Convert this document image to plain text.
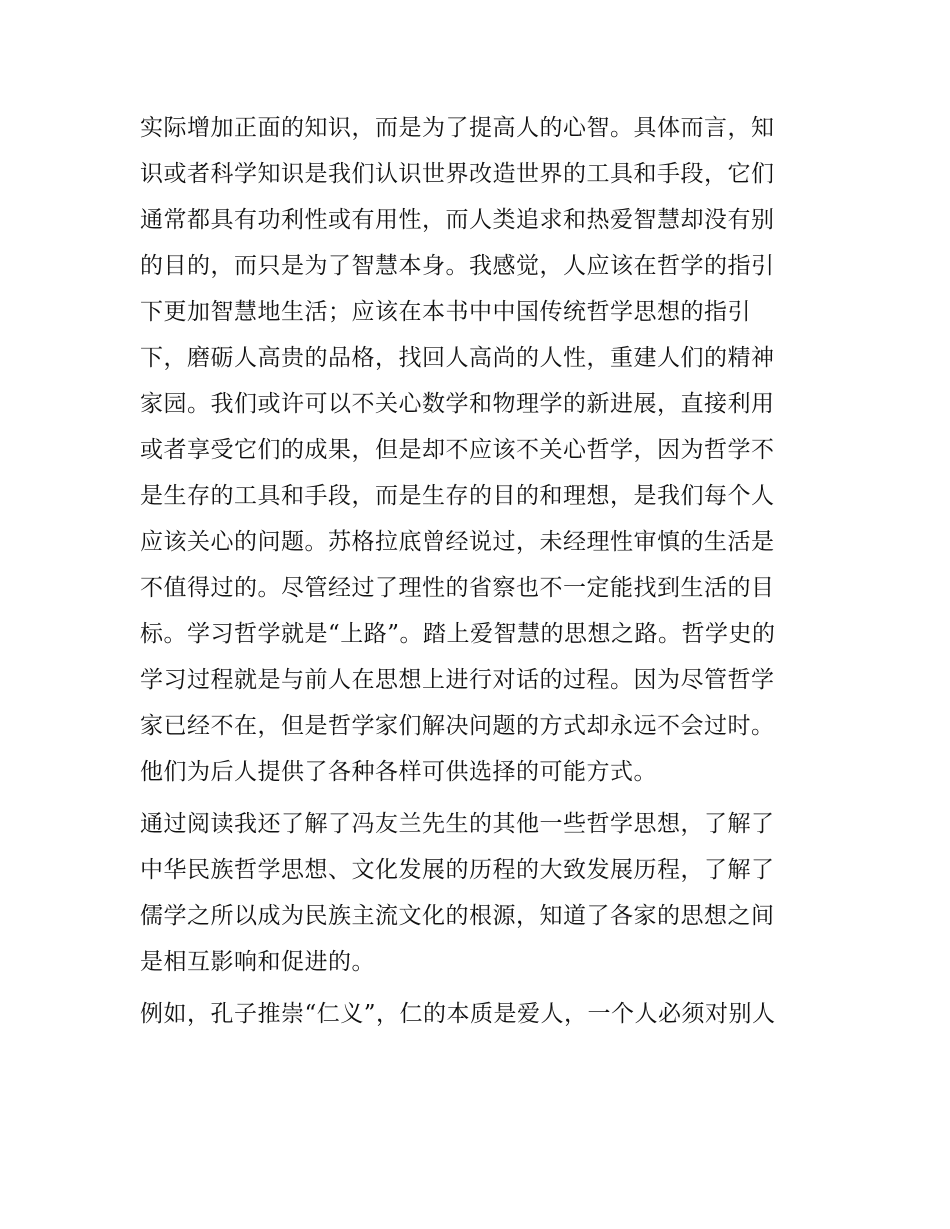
实际增加正面的知识，而是为了提高人的心智。具体而言，知
识或者科学知识是我们认识世界改造世界的工具和手段，它们
通常都具有功利性或有用性，而人类追求和热爱智慧却没有别
的目的，而只是为了智慧本身。我感觉，人应该在哲学的指引
下更加智慧地生活；应该在本书中中国传统哲学思想的指引
下，磨砺人高贵的品格，找回人高尚的人性，重建人们的精神
家园。我们或许可以不关心数学和物理学的新进展，直接利用
或者享受它们的成果，但是却不应该不关心哲学，因为哲学不
是生存的工具和手段，而是生存的目的和理想，是我们每个人
应该关心的问题。苏格拉底曾经说过，未经理性审慎的生活是
不值得过的。尽管经过了理性的省察也不一定能找到生活的目
标。学习哲学就是“上路”。踏上爱智慧的思想之路。哲学史的
学习过程就是与前人在思想上进行对话的过程。因为尽管哲学
家已经不在，但是哲学家们解决问题的方式却永远不会过时。
他们为后人提供了各种各样可供选择的可能方式。
通过阅读我还了解了冯友兰先生的其他一些哲学思想，了解了
中华民族哲学思想、文化发展的历程的大致发展历程，了解了
儒学之所以成为民族主流文化的根源，知道了各家的思想之间
是相互影响和促进的。
例如，孔子推崇“仁义”，仁的本质是爱人，一个人必须对别人
